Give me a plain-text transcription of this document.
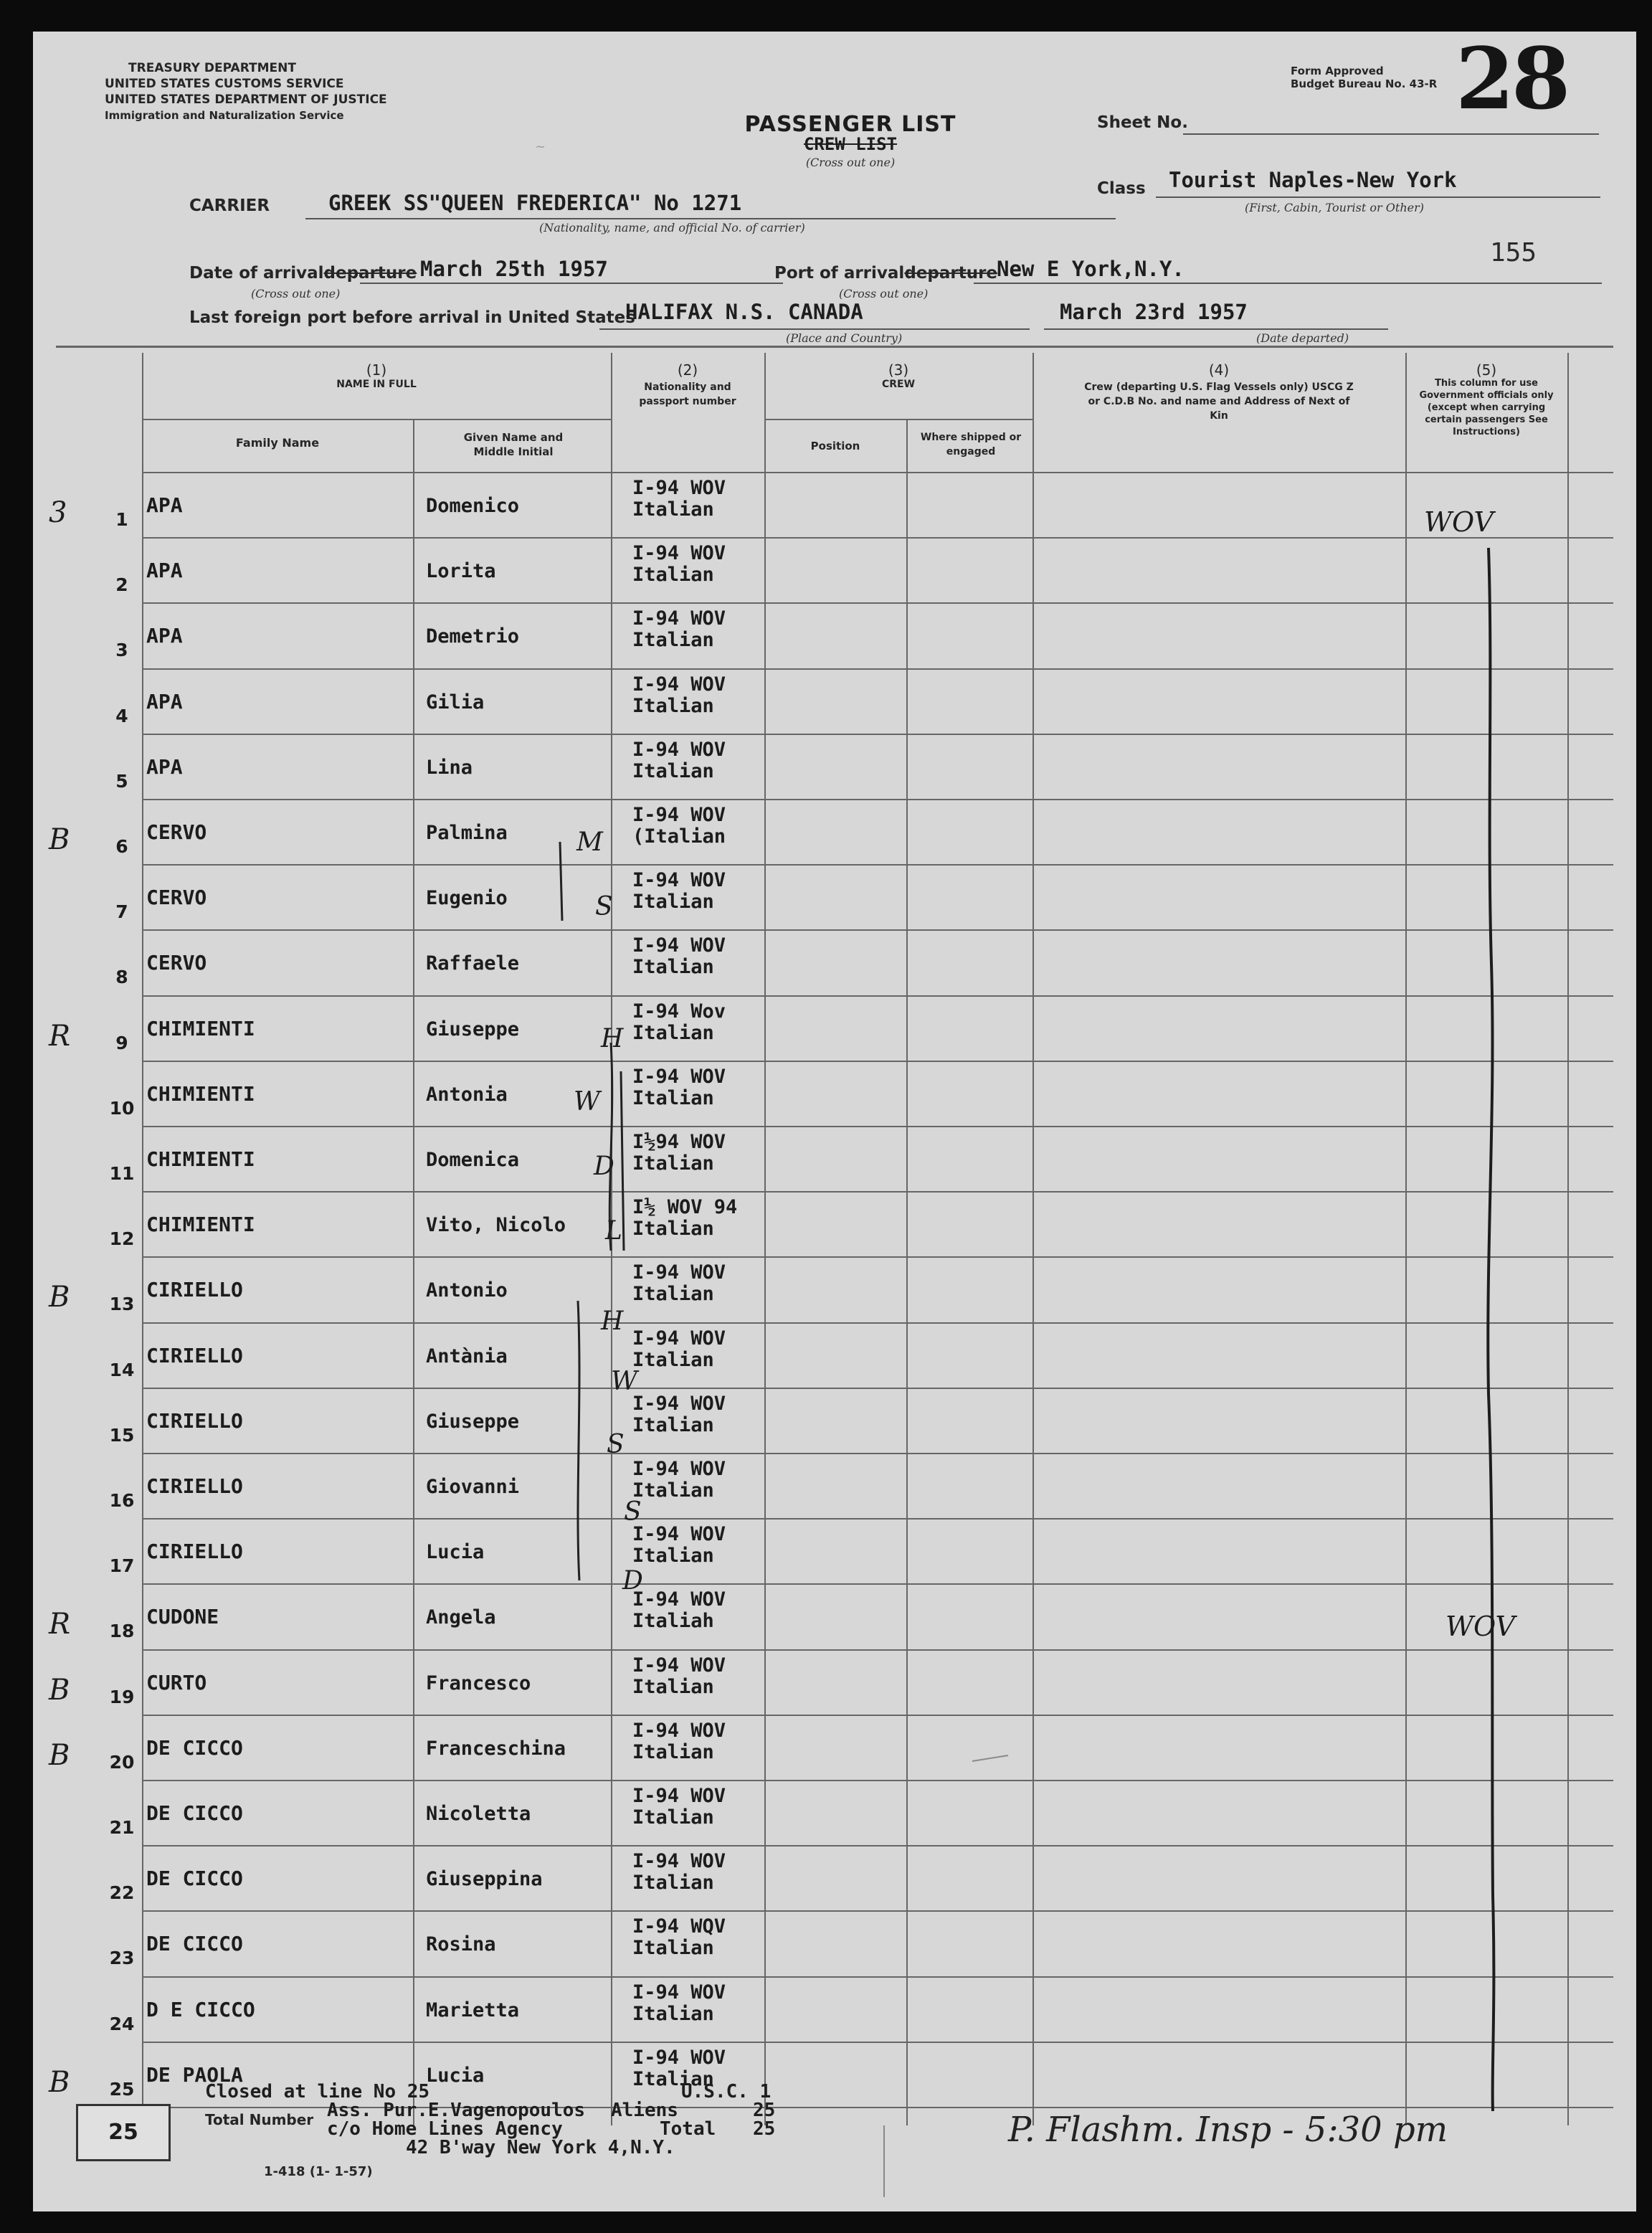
TREASURY DEPARTMENT
UNITED STATES CUSTOMS SERVICE
UNITED STATES DEPARTMENT OF JUSTICE
Immigration and Naturalization Service	PASSENGER LIST
CREW LIST
(Cross out one)
~
Form Approved
Budget Bureau No. 43-R 28
Sheet No.
CARRIER	GREEK SS"QUEEN FREDERICA" No 1271
(Nationality, name, and official No. of carrier)
Class Tourist Naples-New York
(First, Cabin, Tourist or Other)
155
Date of arrivaldeparture
(Cross out one)
March 25th 1957	Port of arrivaldeparture
(Cross out one)
New E York,N.Y.
Last foreign port before arrival in United States
HALIFAX N.S. CANADA
(Place and Country)
March 23rd 1957
(Date departed)
(1)
NAME IN FULL
Family Name	Given Name and Middle Initial
(2)
Nationality and passport number
(3)
CREW
Position
Where shipped or engaged
(4)
Crew (departing U.S. Flag Vessels only) USCG Z or C.D.B No. and name and Address of Next of Kin
(5)
This column for use Government officials only (except when carrying certain passengers See Instructions)
1
APA	Domenico
I-94 WOV
Italian
3
2
APA	Lorita
I-94 WOV
Italian
3
APA	Demetrio
I-94 WOV
Italian
4
APA	Gilia
I-94 WOV
Italian
5
APA	Lina
I-94 WOV
Italian
6
CERVO	Palmina
I-94 WOV
(Italian
B
7
CERVO	Eugenio
I-94 WOV
Italian
8
CERVO	Raffaele
I-94 WOV
Italian
9
CHIMIENTI	Giuseppe
I-94 Wov
Italian
R
10
CHIMIENTI	Antonia
I-94 WOV
Italian
11
CHIMIENTI	Domenica
I½94 WOV
Italian
12
CHIMIENTI	Vito, Nicolo
I½ WOV 94
Italian
13
CIRIELLO	Antonio
I-94 WOV
Italian
B
14
CIRIELLO	Antània
I-94 WOV
Italian
15
CIRIELLO	Giuseppe
I-94 WOV
Italian
16
CIRIELLO	Giovanni
I-94 WOV
Italian
17
CIRIELLO	Lucia
I-94 WOV
Italian
18
CUDONE	Angela
I-94 WOV
Italiah
R
19
CURTO	Francesco
I-94 WOV
Italian
B
20
DE CICCO	Franceschina
I-94 WOV
Italian
B
21
DE CICCO	Nicoletta
I-94 WOV
Italian
22
DE CICCO	Giuseppina
I-94 WOV
Italian
23
DE CICCO	Rosina
I-94 WQV
Italian
24
D E CICCO	Marietta
I-94 WOV
Italian
25
DE PAOLA	Lucia
I-94 WOV
Italian
B
M
S
H
W
D
L
H
W
S
S
D
WOV
WOV
Closed at line No 25	U.S.C. 1
Total Number Ass. Pur.E.Vagenopoulos
c/o Home Lines Agency
42 B'way New York 4,N.Y.
Aliens	25
Total 25
25
1-418 (1- 1-57)
P. Flashm. Insp - 5:30 pm
